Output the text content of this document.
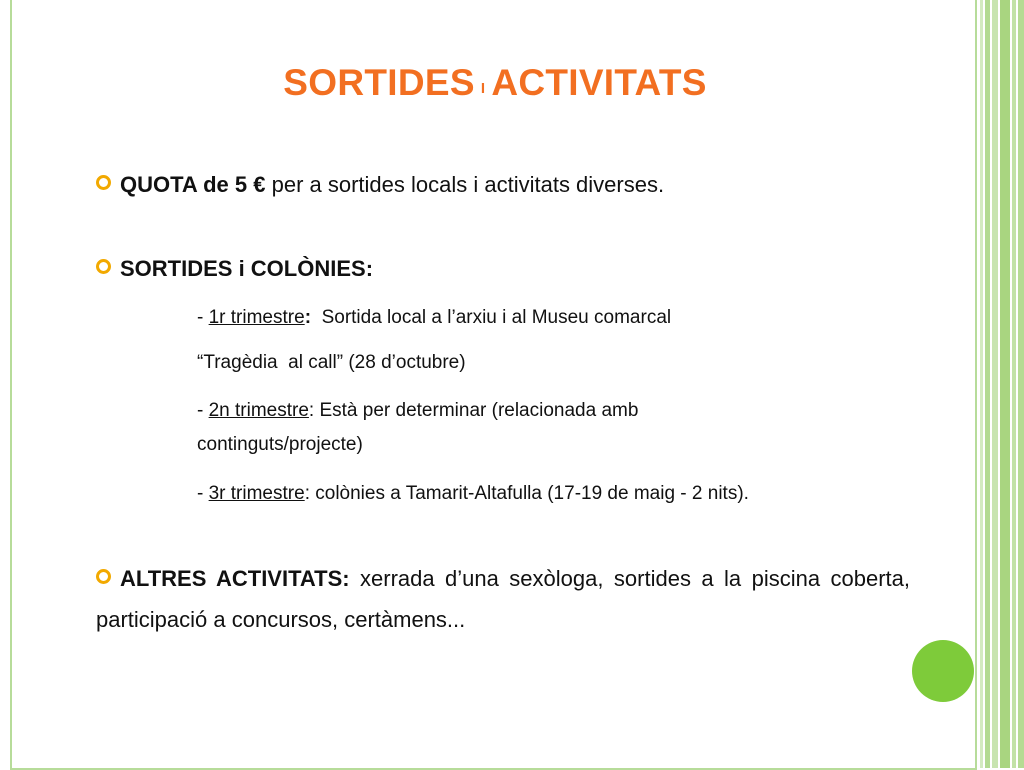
SORTIDES I ACTIVITATS
QUOTA de 5 € per a sortides locals i activitats diverses.
SORTIDES i COLÒNIES:
- 1r trimestre:  Sortida local a l’arxiu i al Museu comarcal
“Tragèdia  al call” (28 d’octubre)
- 2n trimestre: Està per determinar (relacionada amb
continguts/projecte)
- 3r trimestre: colònies a Tamarit-Altafulla (17-19 de maig - 2 nits).
ALTRES ACTIVITATS: xerrada d’una sexòloga, sortides a la piscina coberta, participació a concursos, certàmens...
